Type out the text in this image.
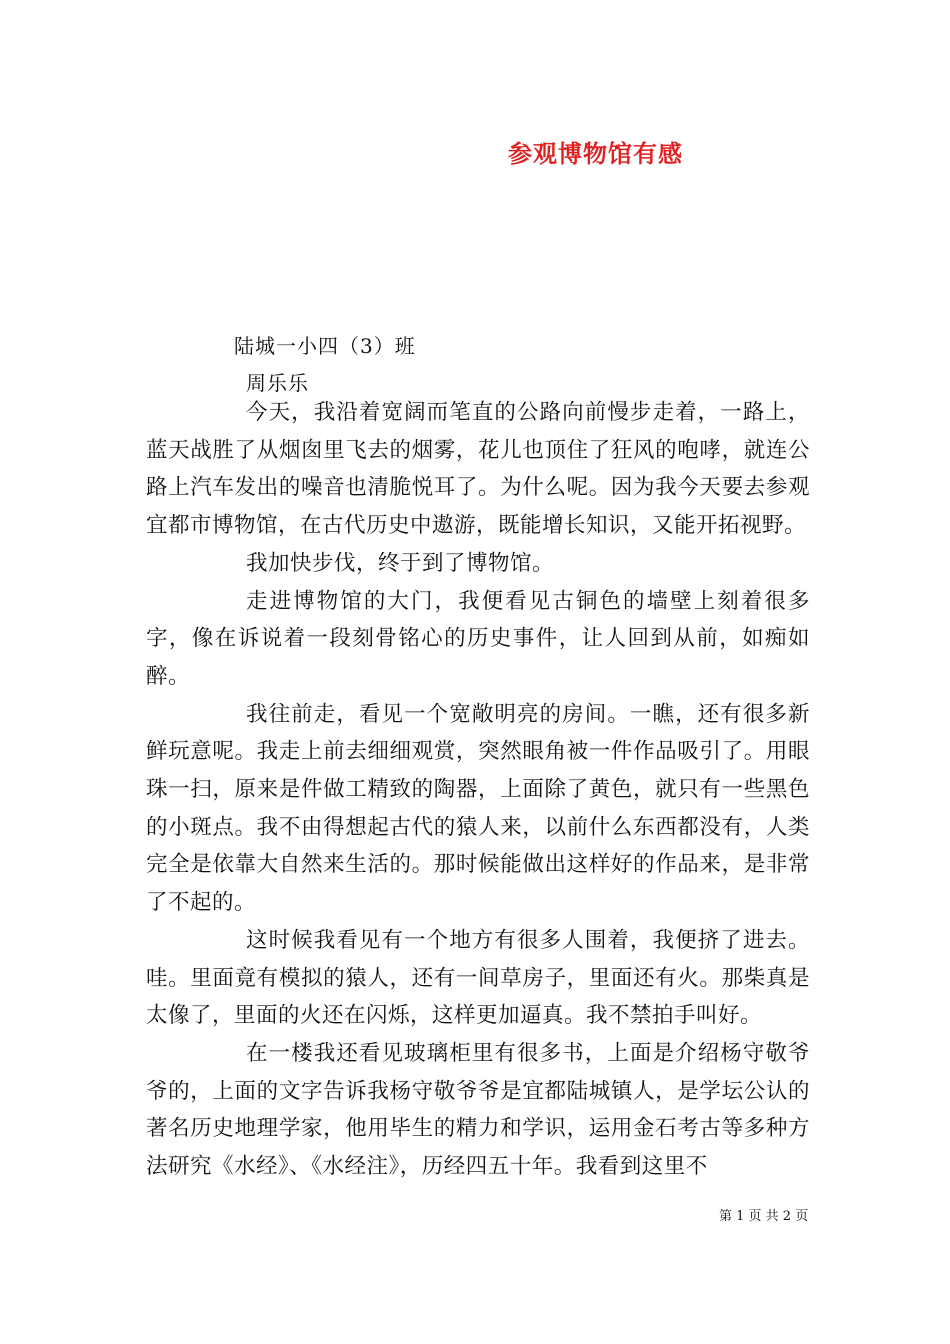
参观博物馆有感
陆城一小四（3）班
周乐乐

今天，我沿着宽阔而笔直的公路向前慢步走着，一路上，蓝天战胜了从烟囱里飞去的烟雾，花儿也顶住了狂风的咆哮，就连公路上汽车发出的噪音也清脆悦耳了。为什么呢。因为我今天要去参观宜都市博物馆，在古代历史中遨游，既能增长知识，又能开拓视野。

我加快步伐，终于到了博物馆。

走进博物馆的大门，我便看见古铜色的墙壁上刻着很多字，像在诉说着一段刻骨铭心的历史事件，让人回到从前，如痴如醉。

我往前走，看见一个宽敞明亮的房间。一瞧，还有很多新鲜玩意呢。我走上前去细细观赏，突然眼角被一件作品吸引了。用眼珠一扫，原来是件做工精致的陶器，上面除了黄色，就只有一些黑色的小斑点。我不由得想起古代的猿人来，以前什么东西都没有，人类完全是依靠大自然来生活的。那时候能做出这样好的作品来，是非常了不起的。

这时候我看见有一个地方有很多人围着，我便挤了进去。哇。里面竟有模拟的猿人，还有一间草房子，里面还有火。那柴真是太像了，里面的火还在闪烁，这样更加逼真。我不禁拍手叫好。

在一楼我还看见玻璃柜里有很多书，上面是介绍杨守敬爷爷的，上面的文字告诉我杨守敬爷爷是宜都陆城镇人，是学坛公认的著名历史地理学家，他用毕生的精力和学识，运用金石考古等多种方法研究《水经》、《水经注》，历经四五十年。我看到这里不

第 1 页 共 2 页
